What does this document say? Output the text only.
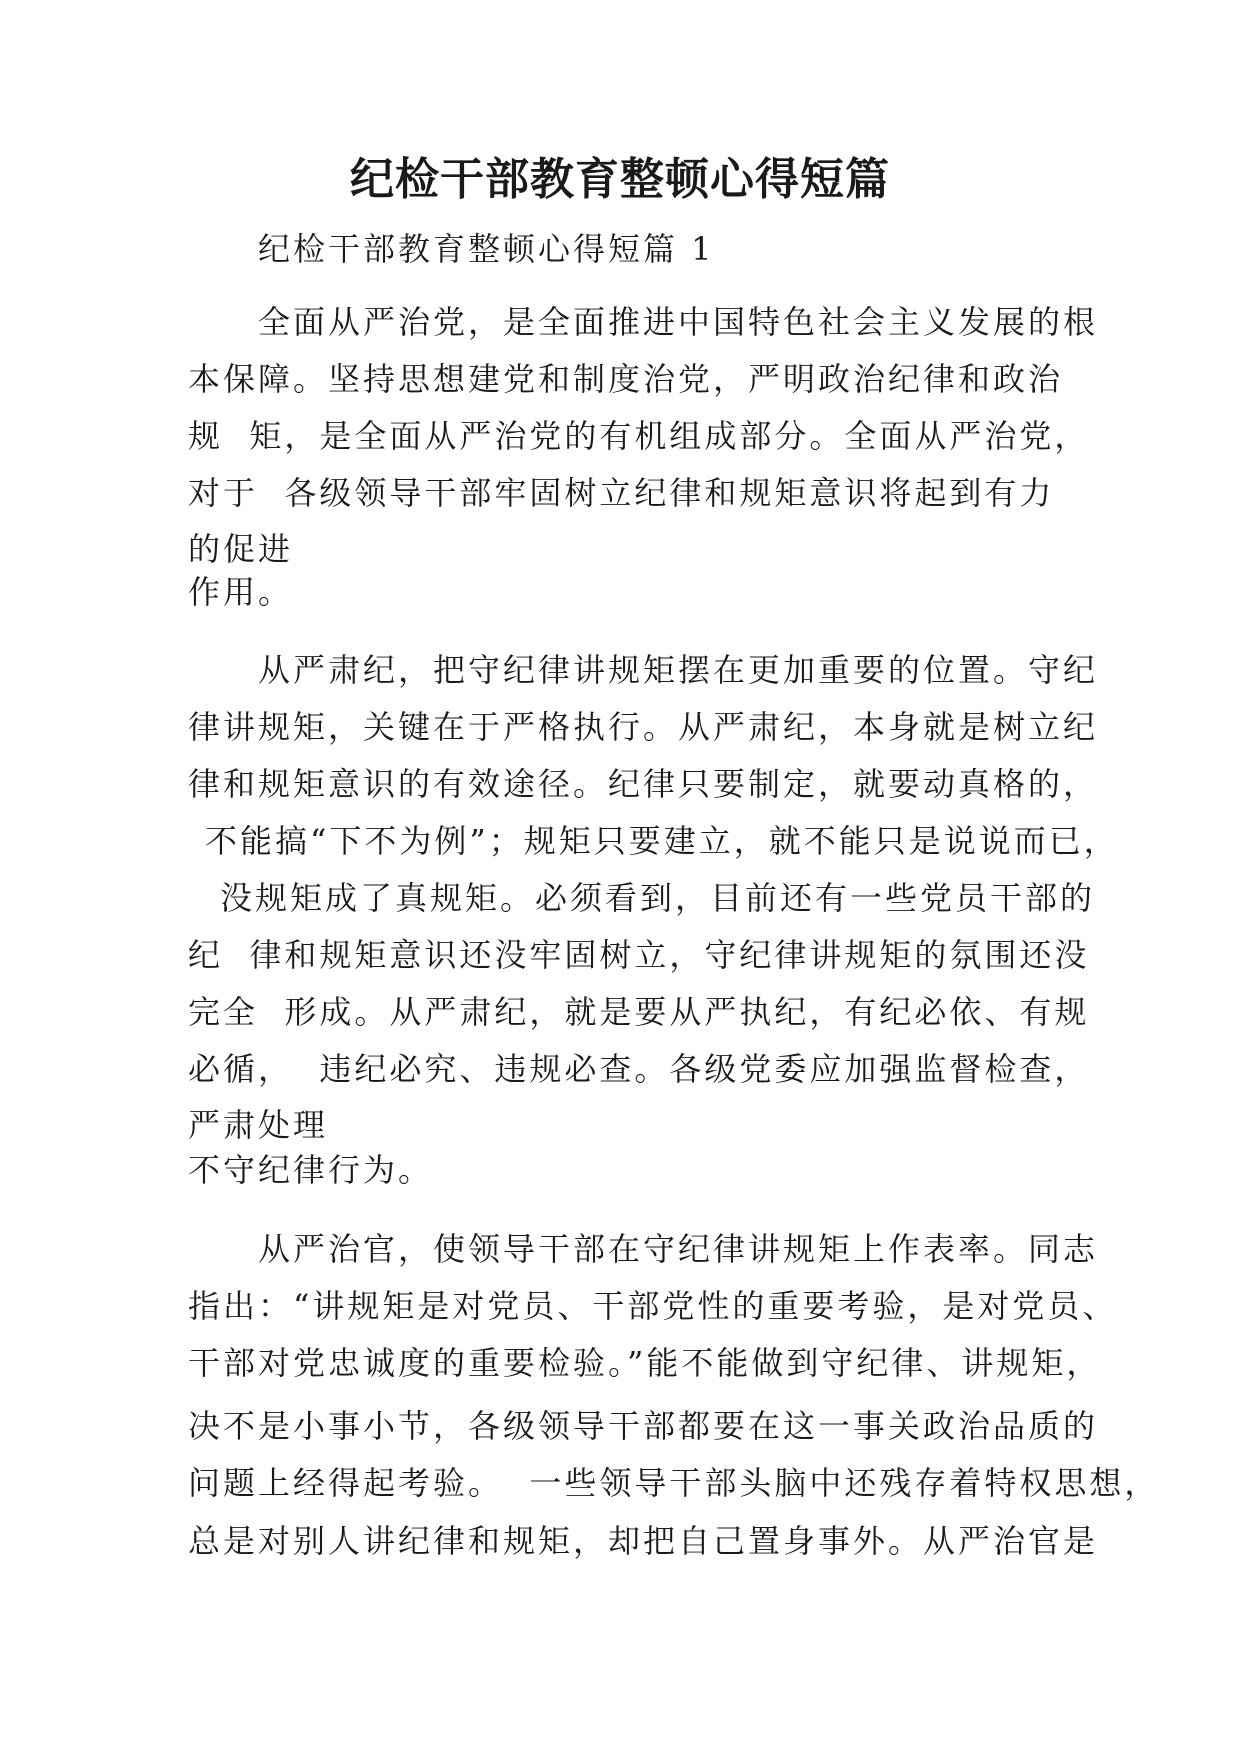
纪检干部教育整顿心得短篇

纪检干部教育整顿心得短篇 1

全面从严治党，是全面推进中国特色社会主义发展的根

本保障。坚持思想建党和制度治党，严明政治纪律和政治

规  矩，是全面从严治党的有机组成部分。全面从严治党，

对于  各级领导干部牢固树立纪律和规矩意识将起到有力

的促进

作用。

从严肃纪，把守纪律讲规矩摆在更加重要的位置。守纪

律讲规矩，关键在于严格执行。从严肃纪，本身就是树立纪

律和规矩意识的有效途径。纪律只要制定，就要动真格的，

不能搞“下不为例”；规矩只要建立，就不能只是说说而已，

没规矩成了真规矩。必须看到，目前还有一些党员干部的

纪  律和规矩意识还没牢固树立，守纪律讲规矩的氛围还没

完全  形成。从严肃纪，就是要从严执纪，有纪必依、有规

必循，  违纪必究、违规必查。各级党委应加强监督检查，

严肃处理

不守纪律行为。

从严治官，使领导干部在守纪律讲规矩上作表率。同志

指出：“讲规矩是对党员、干部党性的重要考验，是对党员、

干部对党忠诚度的重要检验。”能不能做到守纪律、讲规矩，

决不是小事小节，各级领导干部都要在这一事关政治品质的

问题上经得起考验。  一些领导干部头脑中还残存着特权思想，

总是对别人讲纪律和规矩，却把自己置身事外。从严治官是
